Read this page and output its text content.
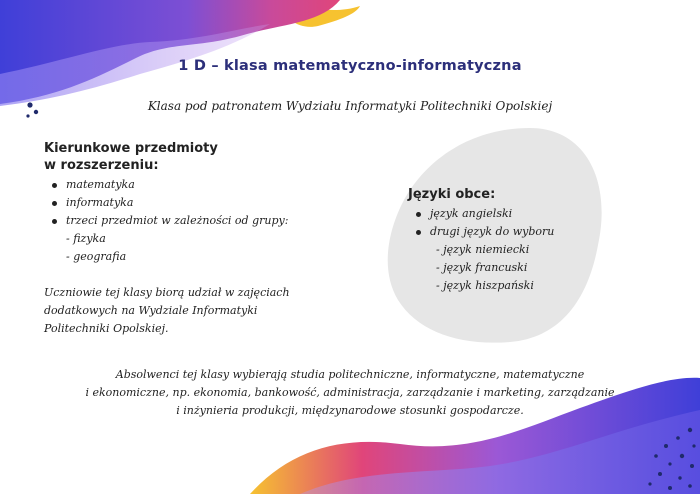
1 D – klasa matematyczno-informatyczna
Klasa pod patronatem Wydziału Informatyki Politechniki Opolskiej
Kierunkowe przedmioty
w rozszerzeniu:
matematyka
informatyka
trzeci przedmiot w zależności od grupy:
- fizyka
- geografia
Uczniowie tej klasy biorą udział w zajęciach
dodatkowych na Wydziale Informatyki
Politechniki Opolskiej.
Języki obce:
język angielski
drugi język do wyboru
- język niemiecki
- język francuski
- język hiszpański
Absolwenci tej klasy wybierają studia politechniczne, informatyczne, matematyczne
i ekonomiczne, np. ekonomia, bankowość, administracja, zarządzanie i marketing, zarządzanie
i inżynieria produkcji, międzynarodowe stosunki gospodarcze.
